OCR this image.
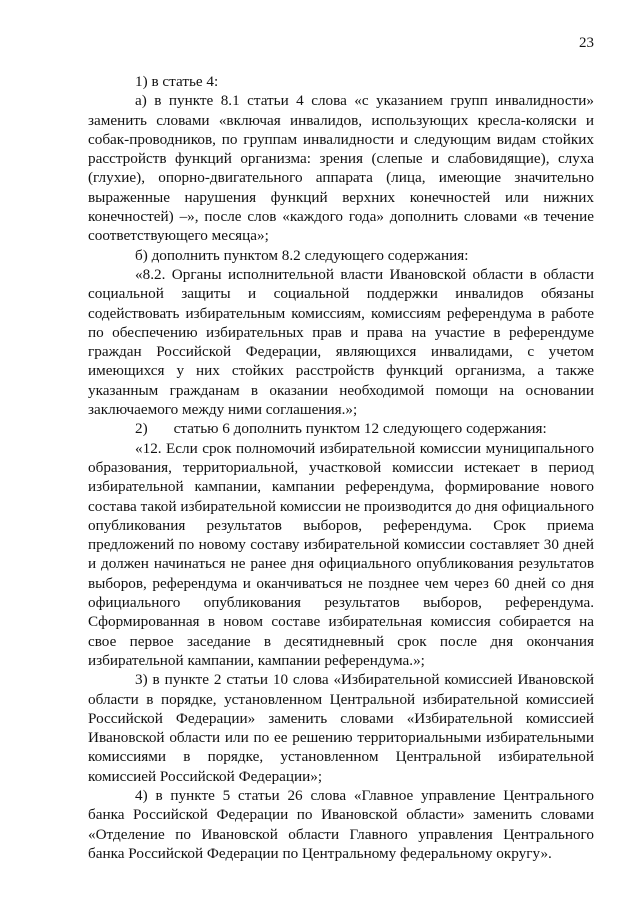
23

1) в статье 4:

а) в пункте 8.1 статьи 4 слова «с указанием групп инвалидности» заменить словами «включая инвалидов, использующих кресла-коляски и собак-проводников, по группам инвалидности и следующим видам стойких расстройств функций организма: зрения (слепые и слабовидящие), слуха (глухие), опорно-двигательного аппарата (лица, имеющие значительно выраженные нарушения функций верхних конечностей или нижних конечностей) –», после слов «каждого года» дополнить словами «в течение соответствующего месяца»;

б) дополнить пунктом 8.2 следующего содержания:

«8.2. Органы исполнительной власти Ивановской области в области социальной защиты и социальной поддержки инвалидов обязаны содействовать избирательным комиссиям, комиссиям референдума в работе по обеспечению избирательных прав и права на участие в референдуме граждан Российской Федерации, являющихся инвалидами, с учетом имеющихся у них стойких расстройств функций организма, а также указанным гражданам в оказании необходимой помощи на основании заключаемого между ними соглашения.»;

2) статью 6 дополнить пунктом 12 следующего содержания:

«12. Если срок полномочий избирательной комиссии муниципального образования, территориальной, участковой комиссии истекает в период избирательной кампании, кампании референдума, формирование нового состава такой избирательной комиссии не производится до дня официального опубликования результатов выборов, референдума. Срок приема предложений по новому составу избирательной комиссии составляет 30 дней и должен начинаться не ранее дня официального опубликования результатов выборов, референдума и оканчиваться не позднее чем через 60 дней со дня официального опубликования результатов выборов, референдума. Сформированная в новом составе избирательная комиссия собирается на свое первое заседание в десятидневный срок после дня окончания избирательной кампании, кампании референдума.»;

3) в пункте 2 статьи 10 слова «Избирательной комиссией Ивановской области в порядке, установленном Центральной избирательной комиссией Российской Федерации» заменить словами «Избирательной комиссией Ивановской области или по ее решению территориальными избирательными комиссиями в порядке, установленном Центральной избирательной комиссией Российской Федерации»;

4) в пункте 5 статьи 26 слова «Главное управление Центрального банка Российской Федерации по Ивановской области» заменить словами «Отделение по Ивановской области Главного управления Центрального банка Российской Федерации по Центральному федеральному округу».
